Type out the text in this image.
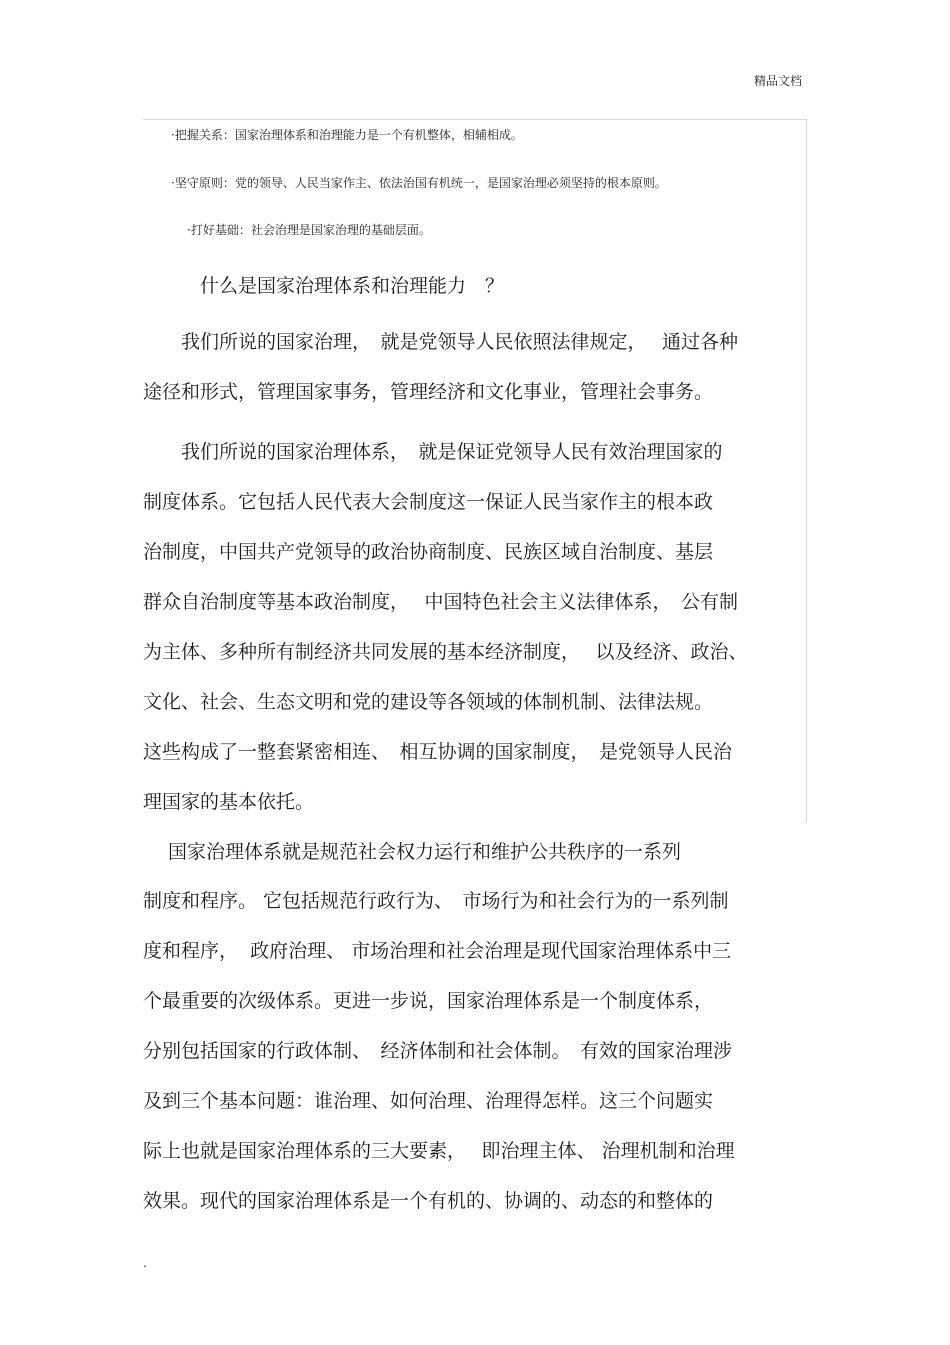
精品文档
·把握关系：国家治理体系和治理能力是一个有机整体，相辅相成。
·坚守原则：党的领导、人民当家作主、依法治国有机统一，是国家治理必须坚持的根本原则。
·打好基础：社会治理是国家治理的基础层面。
什么是国家治理体系和治理能力　？
　　我们所说的国家治理，　就是党领导人民依照法律规定，　 通过各种
途径和形式，管理国家事务，管理经济和文化事业，管理社会事务。
　　我们所说的国家治理体系，　就是保证党领导人民有效治理国家的
制度体系。它包括人民代表大会制度这一保证人民当家作主的根本政
治制度，中国共产党领导的政治协商制度、民族区域自治制度、基层
群众自治制度等基本政治制度，　 中国特色社会主义法律体系，　公有制
为主体、多种所有制经济共同发展的基本经济制度，　 以及经济、政治、
文化、社会、生态文明和党的建设等各领域的体制机制、法律法规。
这些构成了一整套紧密相连、　相互协调的国家制度，　是党领导人民治
理国家的基本依托。
　 国家治理体系就是规范社会权力运行和维护公共秩序的一系列
制度和程序。 它包括规范行政行为、　市场行为和社会行为的一系列制
度和程序，  政府治理、 市场治理和社会治理是现代国家治理体系中三
个最重要的次级体系。更进一步说，国家治理体系是一个制度体系，
分别包括国家的行政体制、　经济体制和社会体制。　有效的国家治理涉
及到三个基本问题：谁治理、如何治理、治理得怎样。这三个问题实
际上也就是国家治理体系的三大要素，　 即治理主体、 治理机制和治理
效果。现代的国家治理体系是一个有机的、协调的、动态的和整体的
.
